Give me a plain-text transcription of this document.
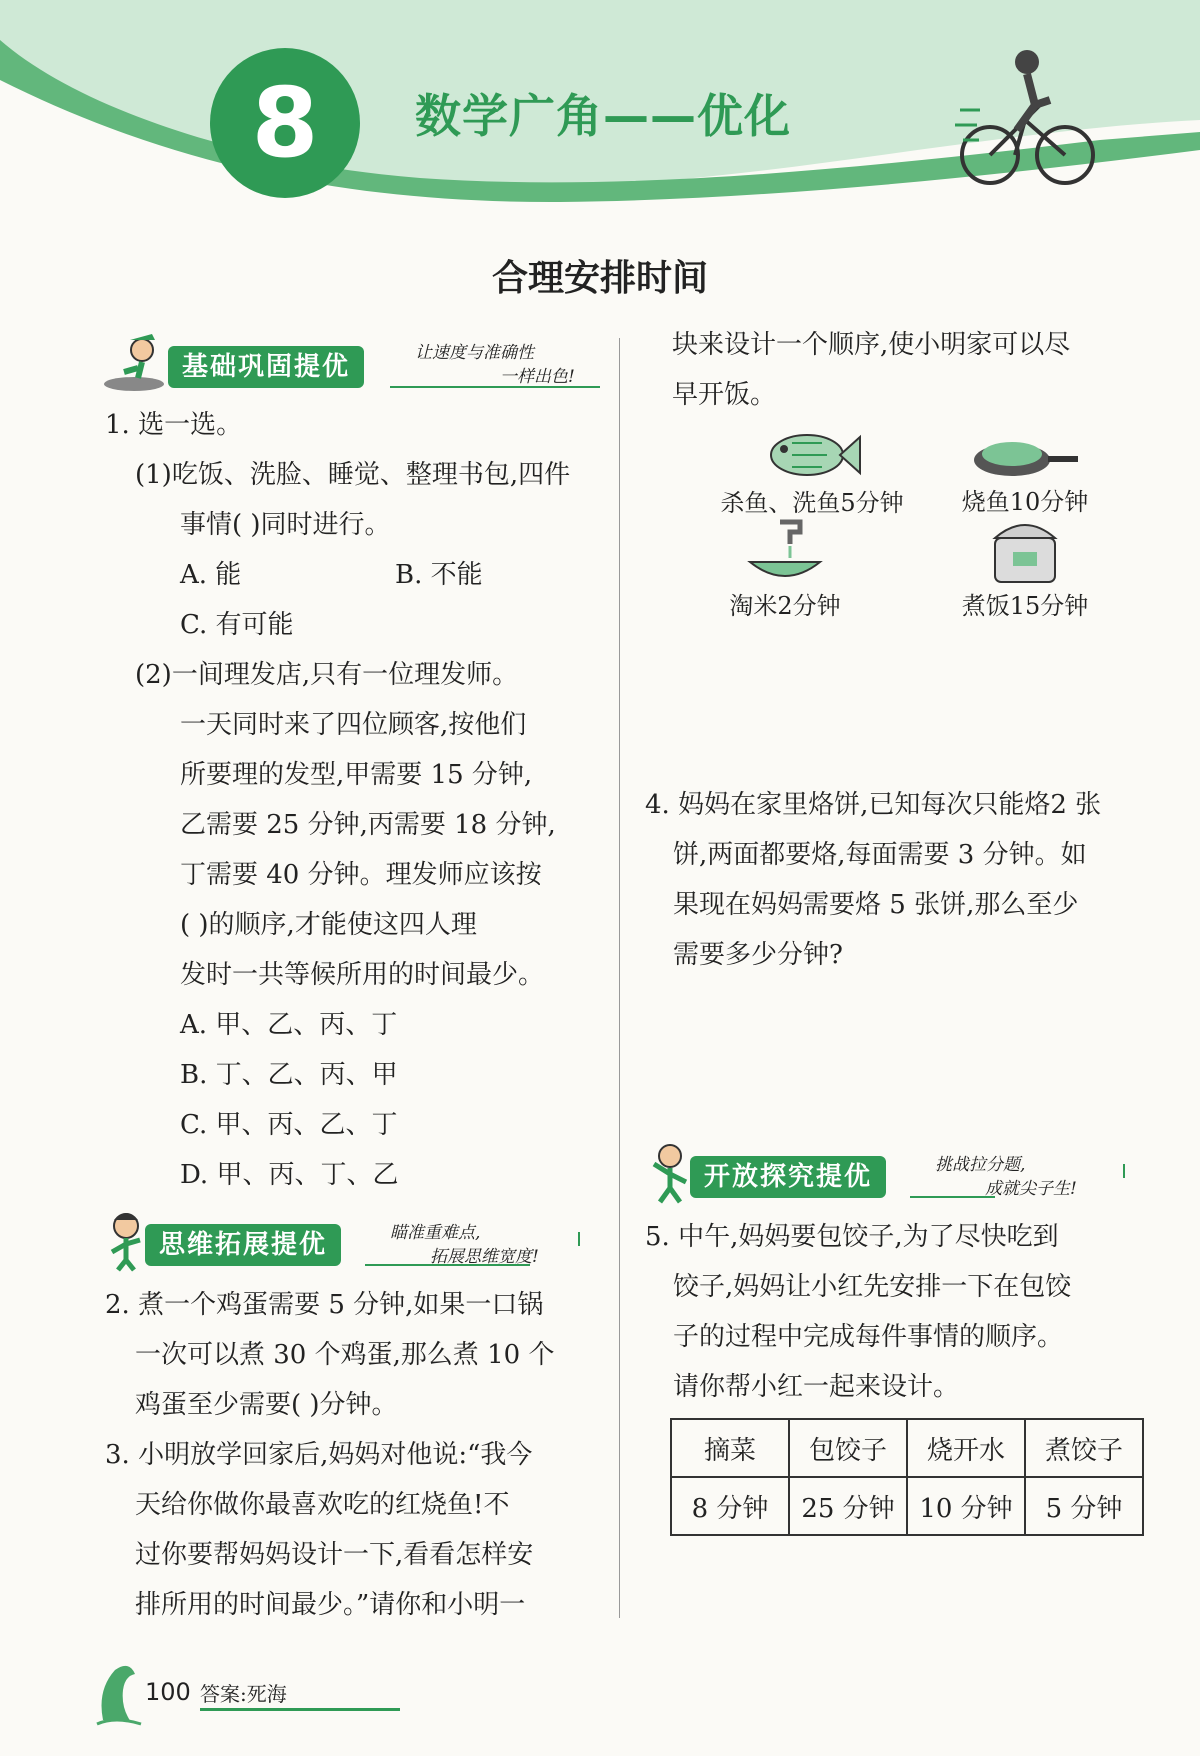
8	数学广角——优化
合理安排时间
基础巩固提优	让速度与准确性
一样出色!

1. 选一选。

(1)吃饭、洗脸、睡觉、整理书包,四件

事情( )同时进行。

A. 能	B. 不能

C. 有可能

(2)一间理发店,只有一位理发师。

一天同时来了四位顾客,按他们

所要理的发型,甲需要 15 分钟,

乙需要 25 分钟,丙需要 18 分钟,

丁需要 40 分钟。理发师应该按

( )的顺序,才能使这四人理

发时一共等候所用的时间最少。

A. 甲、乙、丙、丁

B. 丁、乙、丙、甲

C. 甲、丙、乙、丁

D. 甲、丙、丁、乙

思维拓展提优	瞄准重难点,
拓展思维宽度!

2. 煮一个鸡蛋需要 5 分钟,如果一口锅

一次可以煮 30 个鸡蛋,那么煮 10 个

鸡蛋至少需要( )分钟。

3. 小明放学回家后,妈妈对他说:“我今

天给你做你最喜欢吃的红烧鱼!不

过你要帮妈妈设计一下,看看怎样安

排所用的时间最少。”请你和小明一

块来设计一个顺序,使小明家可以尽

早开饭。

杀鱼、洗鱼5分钟	烧鱼10分钟
淘米2分钟	煮饭15分钟

4. 妈妈在家里烙饼,已知每次只能烙2 张

饼,两面都要烙,每面需要 3 分钟。如

果现在妈妈需要烙 5 张饼,那么至少

需要多少分钟?

开放探究提优	挑战拉分题,
成就尖子生!

5. 中午,妈妈要包饺子,为了尽快吃到

饺子,妈妈让小红先安排一下在包饺

子的过程中完成每件事情的顺序。

请你帮小红一起来设计。

摘菜	包饺子	烧开水	煮饺子
8 分钟	25 分钟	10 分钟	5 分钟
100 答案:死海
